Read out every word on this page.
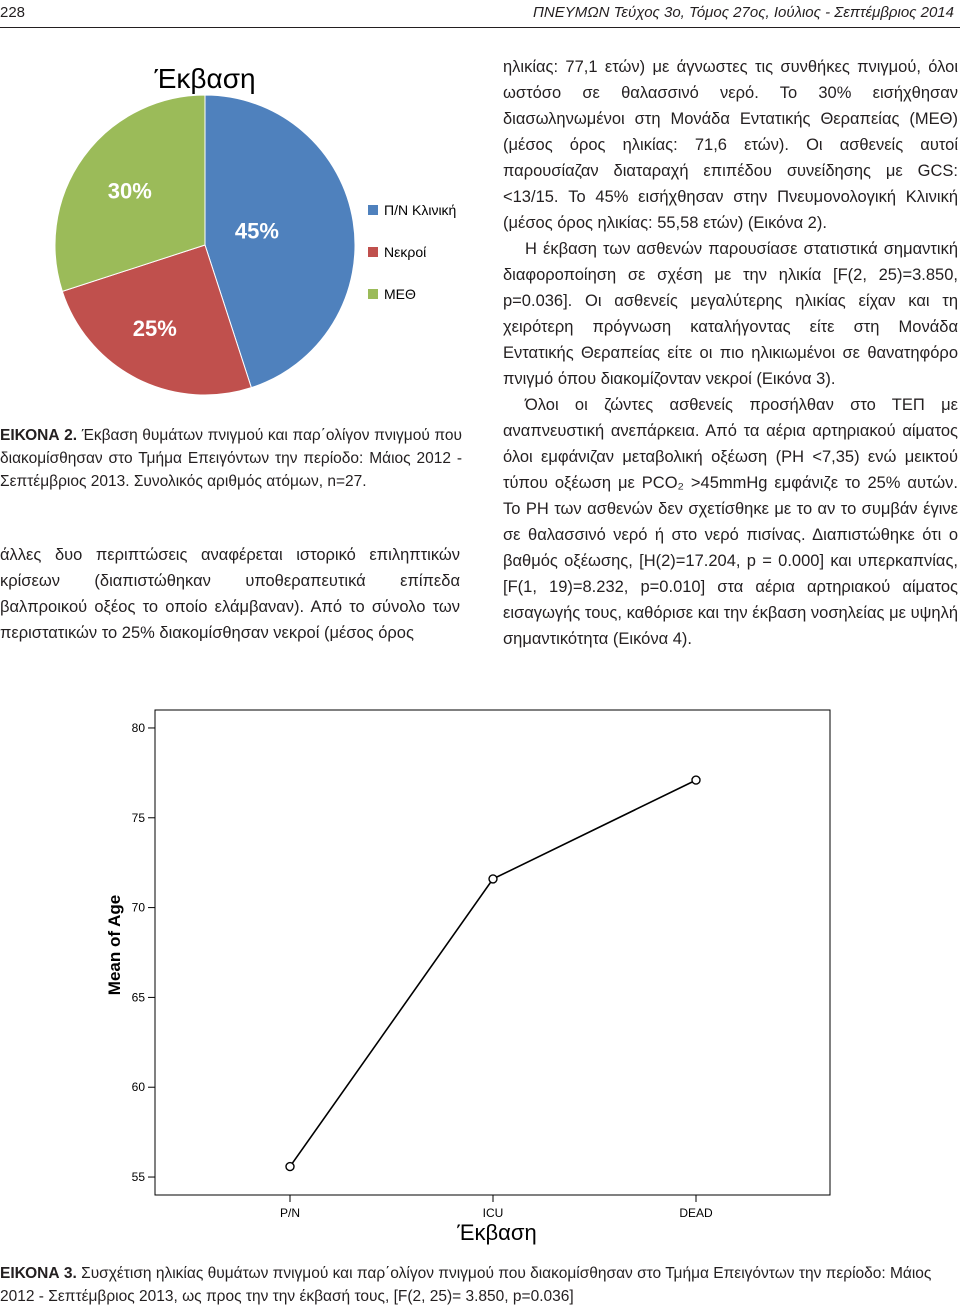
228	ΠΝΕΥΜΩΝ Τεύχος 3ο, Τόμος 27ος, Ιούλιος - Σεπτέμβριος 2014
Έκβαση
45%
25%
30%
Π/Ν Κλινική
Νεκροί
ΜΕΘ
ΕΙΚΟΝΑ 2. Έκβαση θυμάτων πνιγμού και παρ΄ολίγον πνιγμού που διακομίσθησαν στο Τμήμα Επειγόντων την περίοδο: Μάιος 2012 - Σεπτέμβριος 2013. Συνολικός αριθμός ατόμων, n=27.

άλλες δυο περιπτώσεις αναφέρεται ιστορικό επιληπτικών κρίσεων (διαπιστώθηκαν υποθεραπευτικά επίπεδα βαλπροικού οξέος το οποίο ελάμβαναν). Από το σύνολο των περιστατικών το 25% διακομίσθησαν νεκροί (μέσος όρος

ηλικίας: 77,1 ετών) με άγνωστες τις συνθήκες πνιγμού, όλοι ωστόσο σε θαλασσινό νερό. Το 30% εισήχθησαν διασωληνωμένοι στη Μονάδα Εντατικής Θεραπείας (ΜΕΘ) (μέσος όρος ηλικίας: 71,6 ετών). Οι ασθενείς αυτοί παρουσίαζαν διαταραχή επιπέδου συνείδησης με GCS: <13/15. Το 45% εισήχθησαν στην Πνευμονολογική Κλινική (μέσος όρος ηλικίας: 55,58 ετών) (Εικόνα 2).

Η έκβαση των ασθενών παρουσίασε στατιστικά σημαντική διαφοροποίηση σε σχέση με την ηλικία [F(2, 25)=3.850, p=0.036]. Οι ασθενείς μεγαλύτερης ηλικίας είχαν και τη χειρότερη πρόγνωση καταλήγοντας είτε στη Μονάδα Εντατικής Θεραπείας είτε οι πιο ηλικιωμένοι σε θανατηφόρο πνιγμό όπου διακομίζονταν νεκροί (Εικόνα 3).

Όλοι οι ζώντες ασθενείς προσήλθαν στο ΤΕΠ με αναπνευστική ανεπάρκεια. Από τα αέρια αρτηριακού αίματος όλοι εμφάνιζαν μεταβολική οξέωση (PH <7,35) ενώ μεικτού τύπου οξέωση με PCO₂ >45mmHg εμφάνιζε το 25% αυτών. Το PH των ασθενών δεν σχετίσθηκε με το αν το συμβάν έγινε σε θαλασσινό νερό ή στο νερό πισίνας. Διαπιστώθηκε ότι ο βαθμός οξέωσης, [H(2)=17.204, p = 0.000] και υπερκαπνίας, [F(1, 19)=8.232, p=0.010] στα αέρια αρτηριακού αίματος εισαγωγής τους, καθόρισε και την έκβαση νοσηλείας με υψηλή σημαντικότητα (Εικόνα 4).

Mean of Age
Έκβαση
55
60
65
70
75
80
P/N	ICU	DEAD
ΕΙΚΟΝΑ 3. Συσχέτιση ηλικίας θυμάτων πνιγμού και παρ΄ολίγον πνιγμού που διακομίσθησαν στο Τμήμα Επειγόντων την περίοδο: Μάιος 2012 - Σεπτέμβριος 2013, ως προς την την έκβασή τους, [F(2, 25)= 3.850, p=0.036]
